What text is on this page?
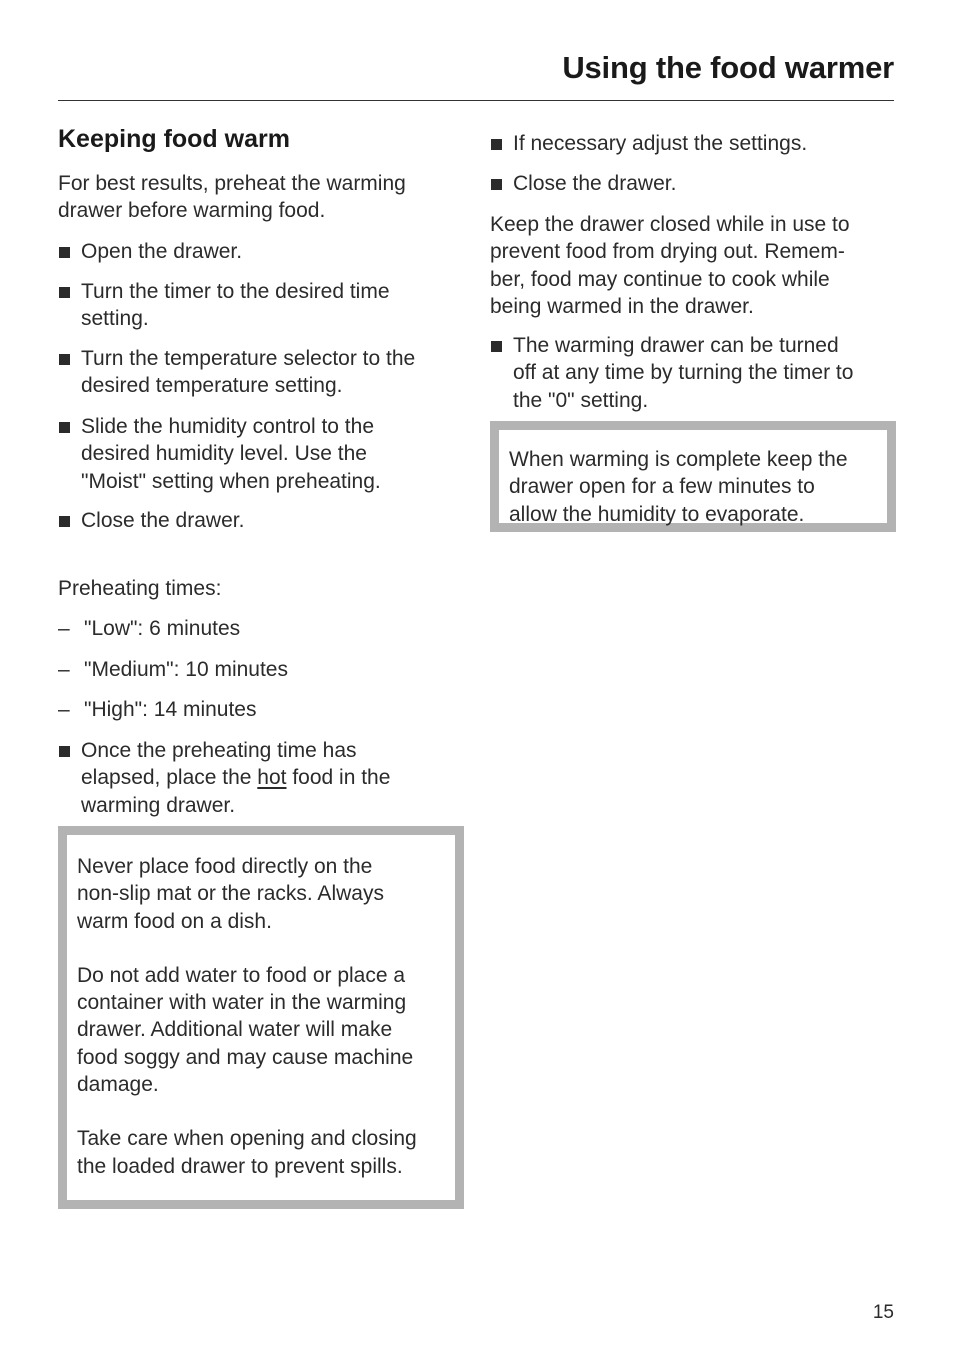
Using the food warmer
Keeping food warm

For best results, preheat the warming
drawer before warming food.

Open the drawer.

Turn the timer to the desired time
setting.

Turn the temperature selector to the
desired temperature setting.

Slide the humidity control to the
desired humidity level. Use the
"Moist" setting when preheating.

Close the drawer.

Preheating times:

– "Low": 6 minutes

– "Medium": 10 minutes

– "High": 14 minutes

Once the preheating time has
elapsed, place the hot food in the
warming drawer.

Never place food directly on the
non-slip mat or the racks. Always
warm food on a dish.

Do not add water to food or place a
container with water in the warming
drawer. Additional water will make
food soggy and may cause machine
damage.

Take care when opening and closing
the loaded drawer to prevent spills.

If necessary adjust the settings.

Close the drawer.

Keep the drawer closed while in use to
prevent food from drying out. Remem-
ber, food may continue to cook while
being warmed in the drawer.

The warming drawer can be turned
off at any time by turning the timer to
the "0" setting.

When warming is complete keep the
drawer open for a few minutes to
allow the humidity to evaporate.

15
